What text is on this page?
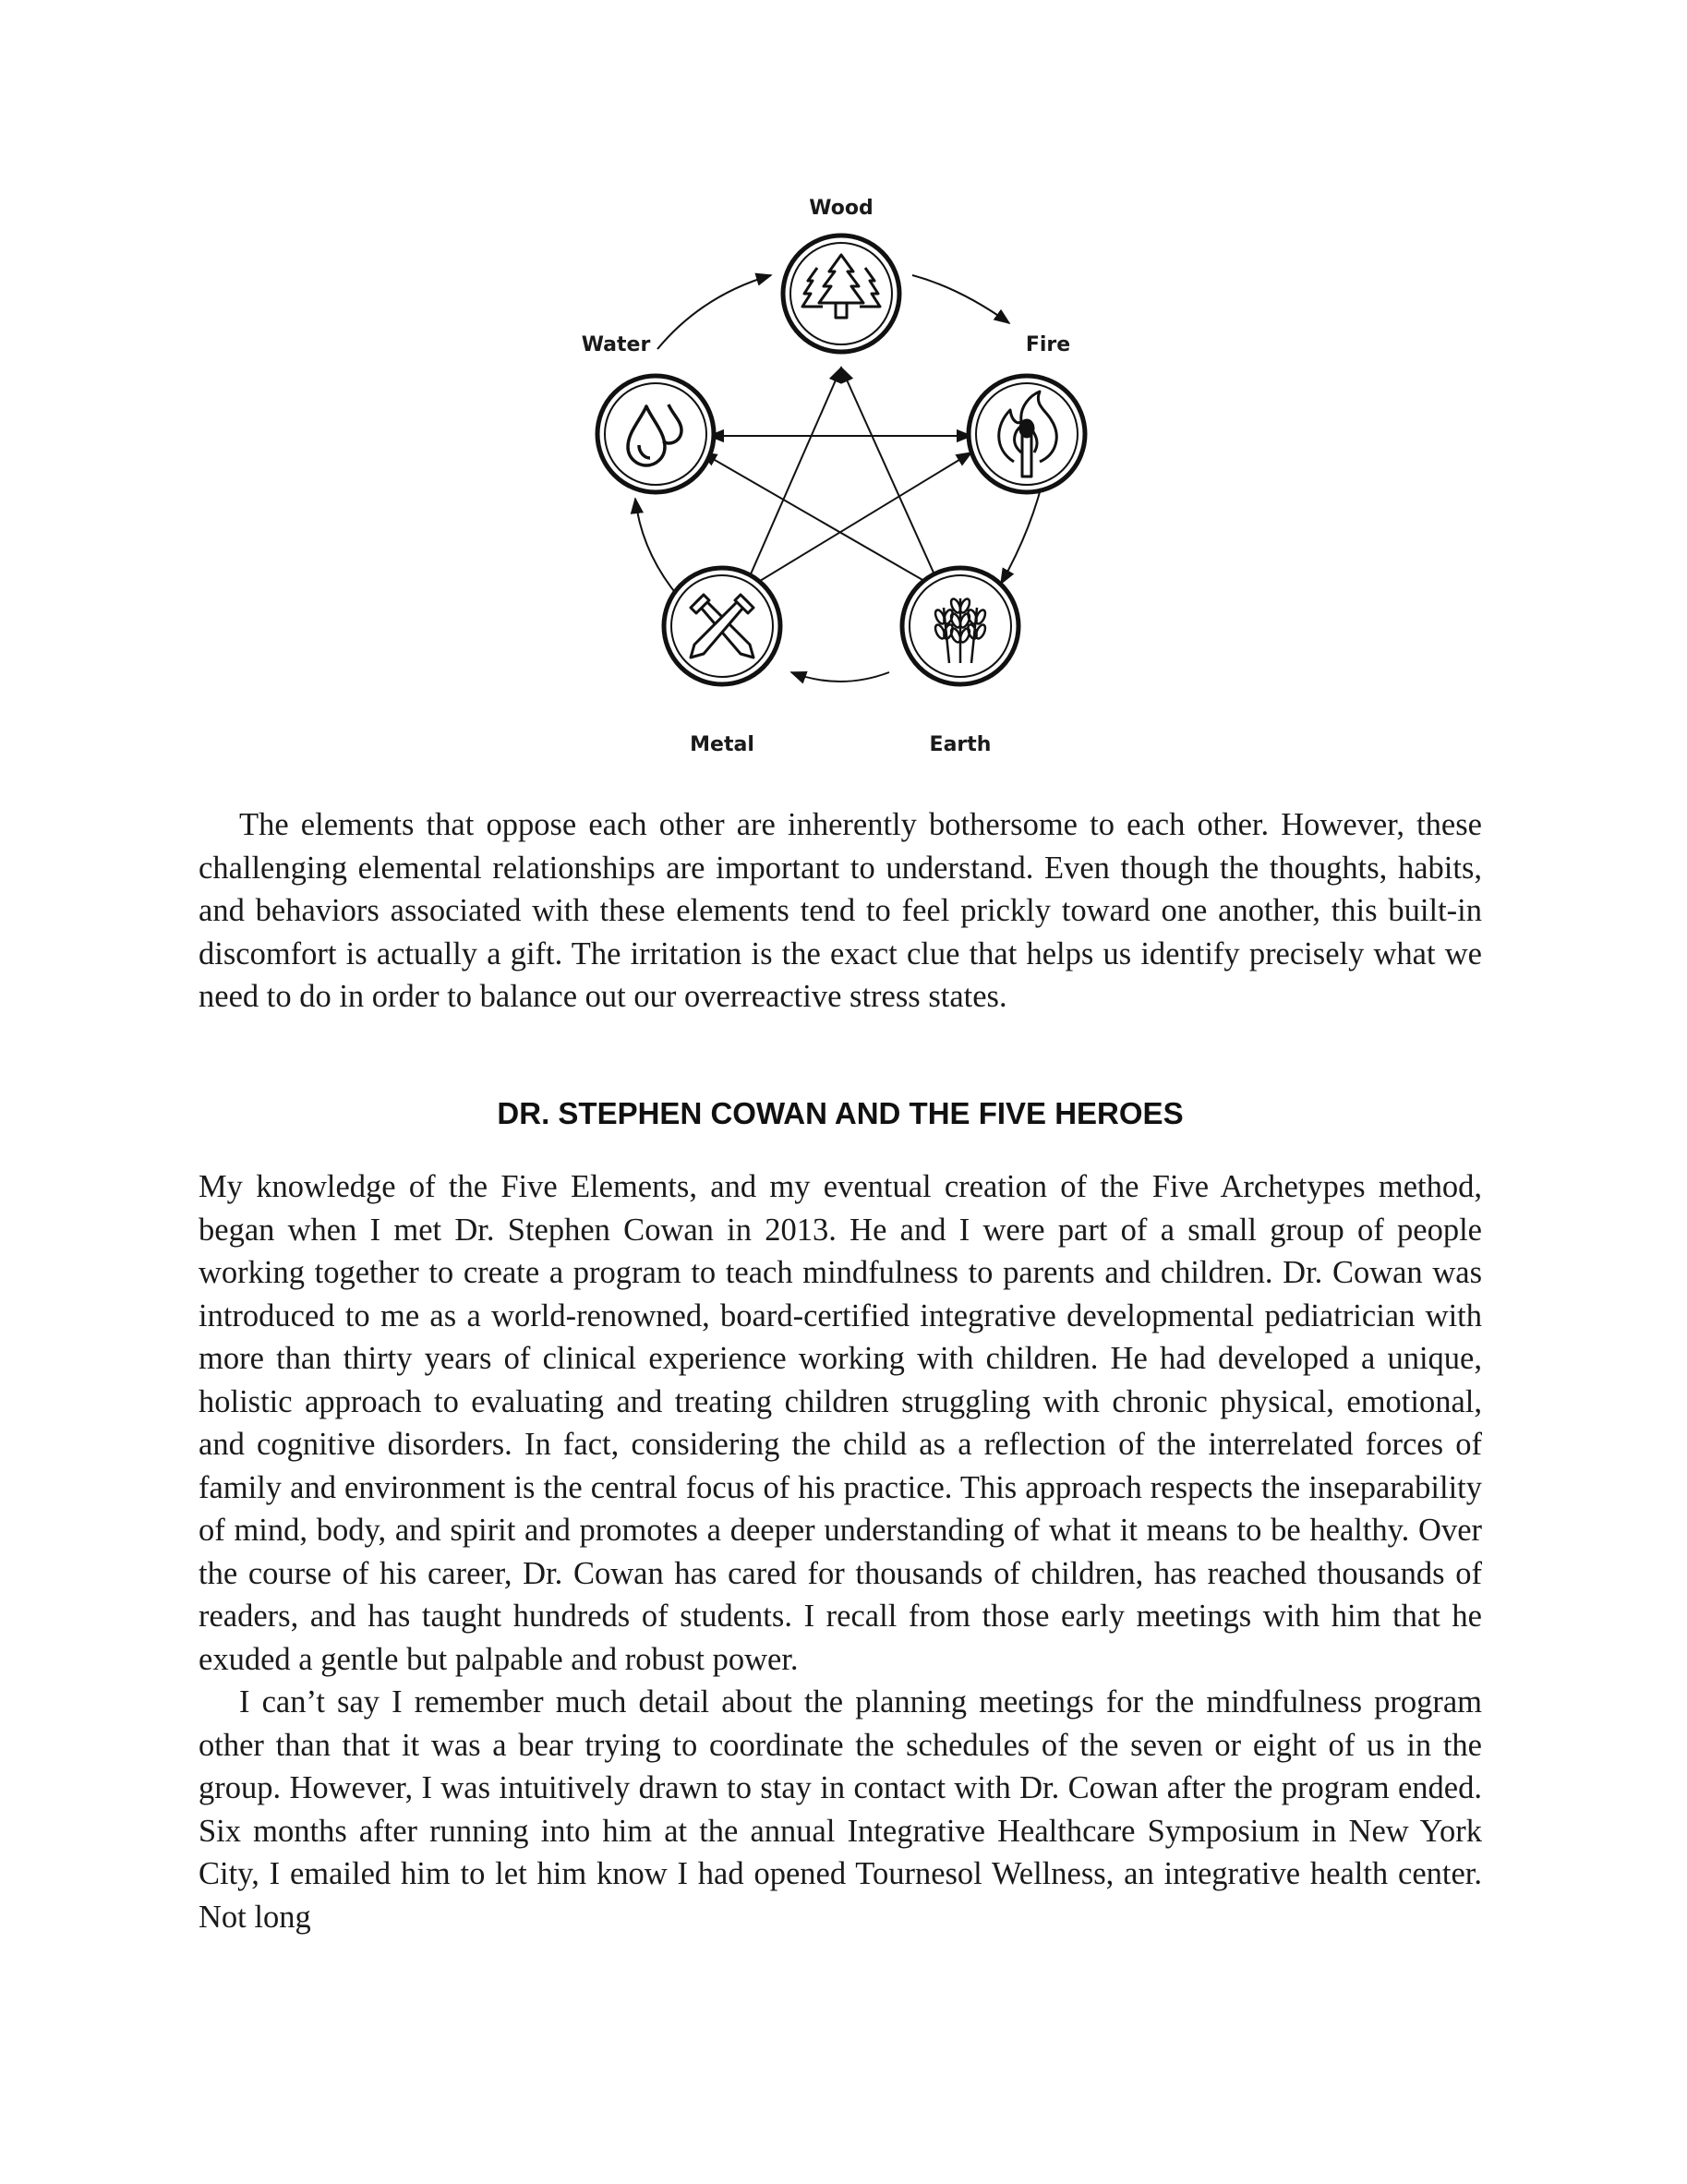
Wood
Fire
Earth
Metal
Water

The elements that oppose each other are inherently bothersome to each other. However, these challenging elemental relationships are important to understand. Even though the thoughts, habits, and behaviors associated with these elements tend to feel prickly toward one another, this built-in discomfort is actually a gift. The irritation is the exact clue that helps us identify precisely what we need to do in order to balance out our overreactive stress states.

DR. STEPHEN COWAN AND THE FIVE HEROES

My knowledge of the Five Elements, and my eventual creation of the Five Archetypes method, began when I met Dr. Stephen Cowan in 2013. He and I were part of a small group of people working together to create a program to teach mindfulness to parents and children. Dr. Cowan was introduced to me as a world-renowned, board-certified integrative developmental pediatrician with more than thirty years of clinical experience working with children. He had developed a unique, holistic approach to evaluating and treating children struggling with chronic physical, emotional, and cognitive disorders. In fact, considering the child as a reflection of the interrelated forces of family and environment is the central focus of his practice. This approach respects the inseparability of mind, body, and spirit and promotes a deeper understanding of what it means to be healthy. Over the course of his career, Dr. Cowan has cared for thousands of children, has reached thousands of readers, and has taught hundreds of students. I recall from those early meetings with him that he exuded a gentle but palpable and robust power.

I can’t say I remember much detail about the planning meetings for the mindfulness program other than that it was a bear trying to coordinate the schedules of the seven or eight of us in the group. However, I was intuitively drawn to stay in contact with Dr. Cowan after the program ended. Six months after running into him at the annual Integrative Healthcare Symposium in New York City, I emailed him to let him know I had opened Tournesol Wellness, an integrative health center. Not long
